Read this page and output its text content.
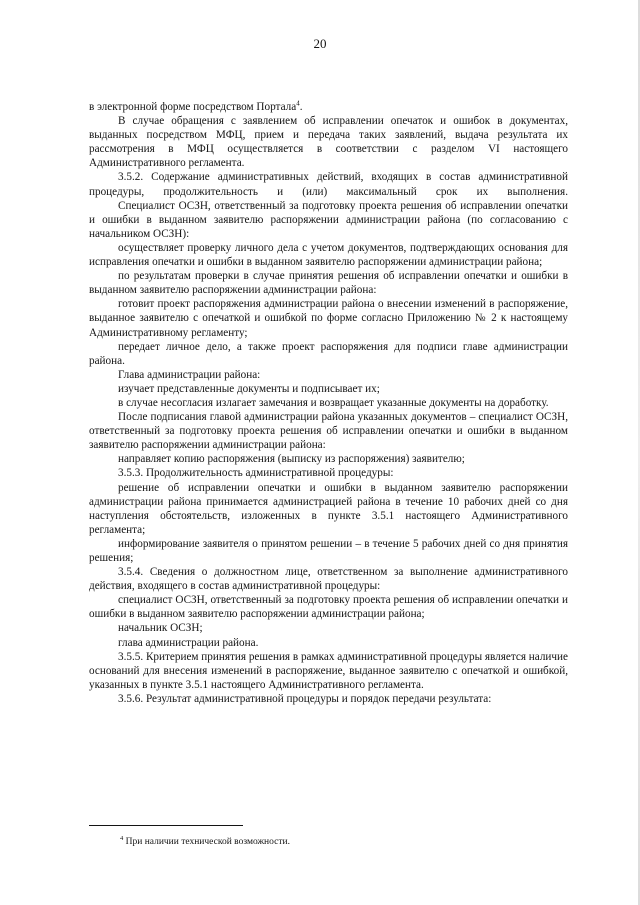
20

в электронной форме посредством Портала$^4$.

В случае обращения с заявлением об исправлении опечаток и ошибок в документах, выданных посредством МФЦ, прием и передача таких заявлений, выдача результата их рассмотрения в МФЦ осуществляется в соответствии с разделом VI настоящего Административного регламента.

3.5.2. Содержание административных действий, входящих в состав административной процедуры, продолжительность и (или) максимальный срок их выполнения.

Специалист ОСЗН, ответственный за подготовку проекта решения об исправлении опечатки и ошибки в выданном заявителю распоряжении администрации района (по согласованию с начальником ОСЗН):

осуществляет проверку личного дела с учетом документов, подтверждающих основания для исправления опечатки и ошибки в выданном заявителю распоряжении администрации района;

по результатам проверки в случае принятия решения об исправлении опечатки и ошибки в выданном заявителю распоряжении администрации района:

готовит проект распоряжения администрации района о внесении изменений в распоряжение, выданное заявителю с опечаткой и ошибкой по форме согласно Приложению № 2 к настоящему Административному регламенту;

передает личное дело, а также проект распоряжения для подписи главе администрации района.

Глава администрации района:

изучает представленные документы и подписывает их;

в случае несогласия излагает замечания и возвращает указанные документы на доработку.

После подписания главой администрации района указанных документов – специалист ОСЗН, ответственный за подготовку проекта решения об исправлении опечатки и ошибки в выданном заявителю распоряжении администрации района:

направляет копию распоряжения (выписку из распоряжения) заявителю;

3.5.3. Продолжительность административной процедуры:

решение об исправлении опечатки и ошибки в выданном заявителю распоряжении администрации района принимается администрацией района в течение 10 рабочих дней со дня наступления обстоятельств, изложенных в пункте 3.5.1 настоящего Административного регламента;

информирование заявителя о принятом решении – в течение 5 рабочих дней со дня принятия решения;

3.5.4. Сведения о должностном лице, ответственном за выполнение административного действия, входящего в состав административной процедуры:

специалист ОСЗН, ответственный за подготовку проекта решения об исправлении опечатки и ошибки в выданном заявителю распоряжении администрации района;

начальник ОСЗН;

глава администрации района.

3.5.5. Критерием принятия решения в рамках административной процедуры является наличие оснований для внесения изменений в распоряжение, выданное заявителю с опечаткой и ошибкой, указанных в пункте 3.5.1 настоящего Административного регламента.

3.5.6. Результат административной процедуры и порядок передачи результата:

$^4$ При наличии технической возможности.
